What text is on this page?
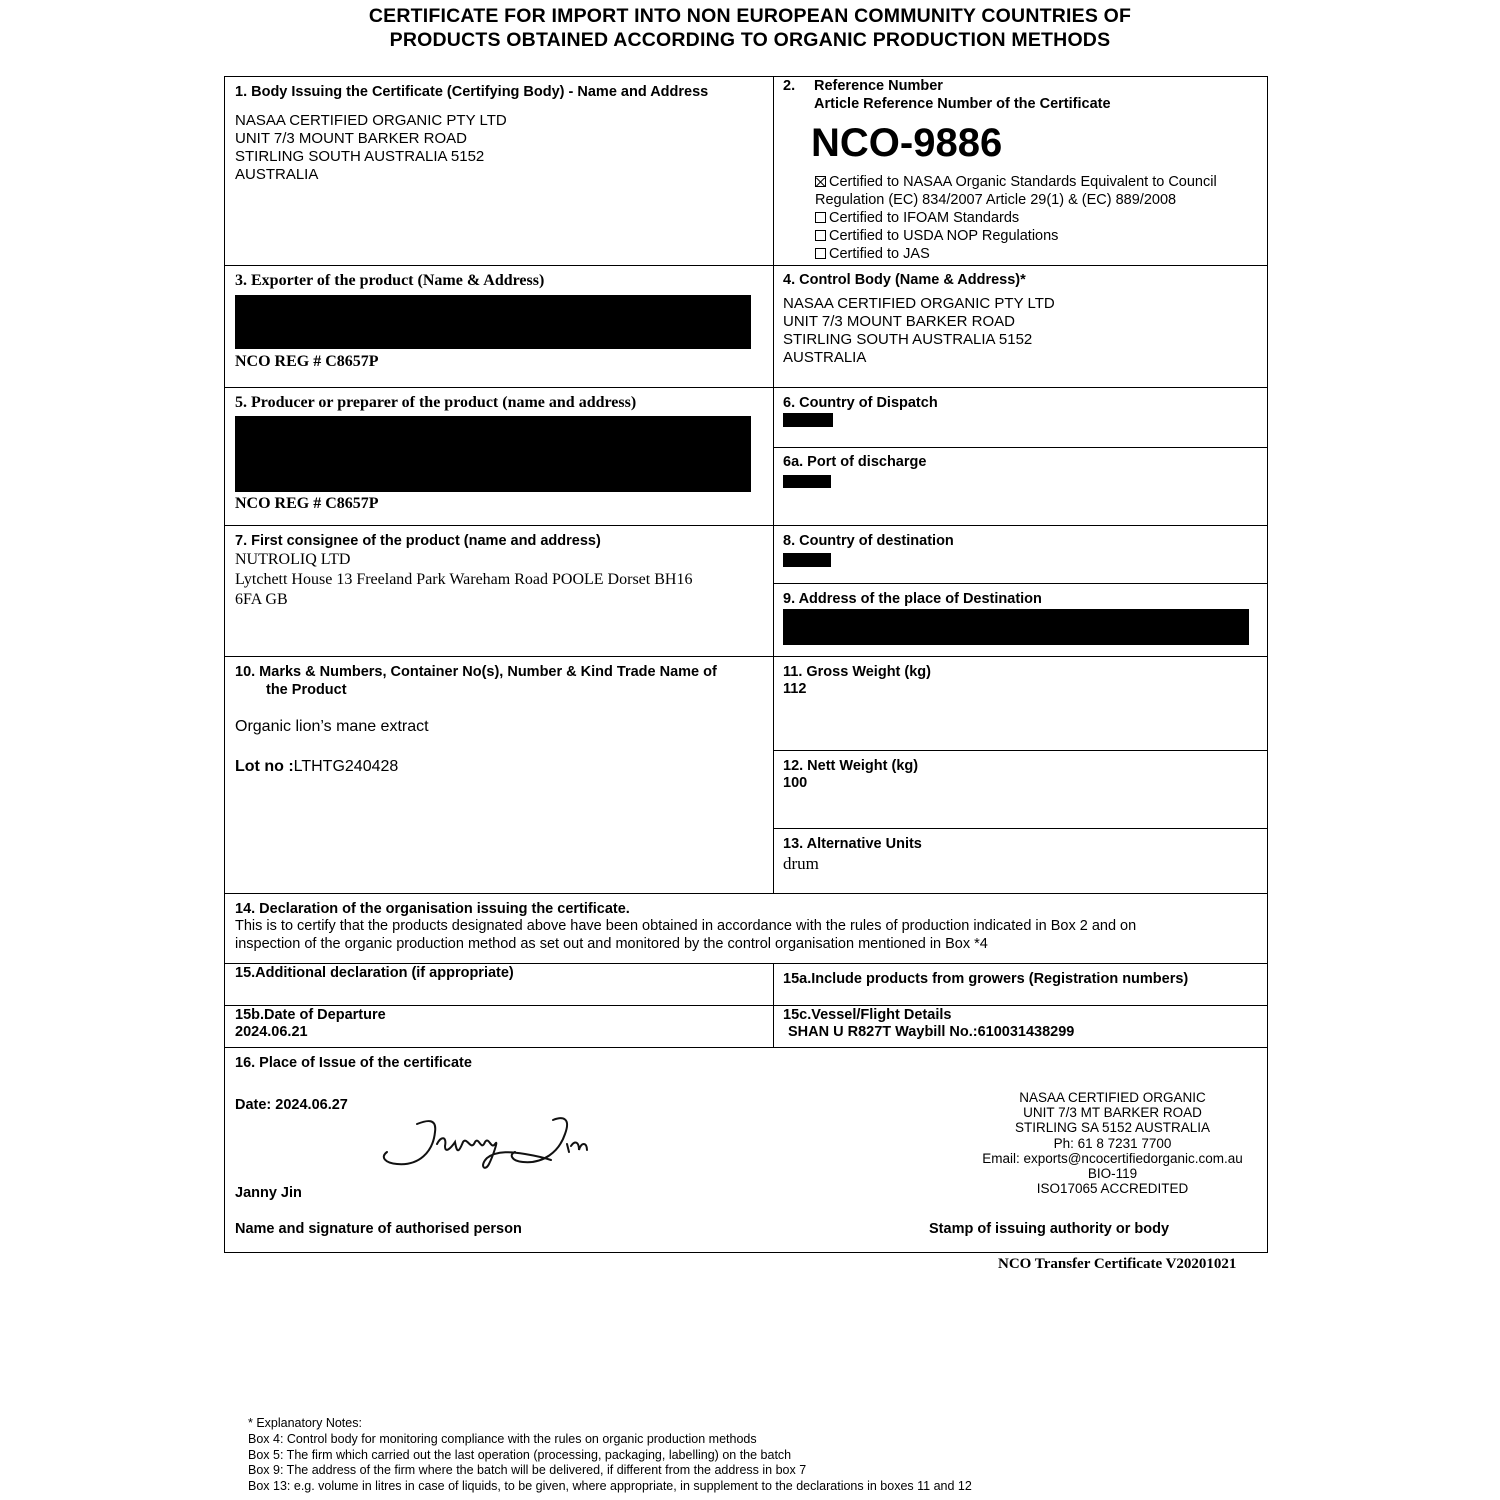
CERTIFICATE FOR IMPORT INTO NON EUROPEAN COMMUNITY COUNTRIES OF
PRODUCTS OBTAINED ACCORDING TO ORGANIC PRODUCTION METHODS
1. Body Issuing the Certificate (Certifying Body) - Name and Address
NASAA CERTIFIED ORGANIC PTY LTD
UNIT 7/3 MOUNT BARKER ROAD
STIRLING SOUTH AUSTRALIA 5152
AUSTRALIA
2. Reference Number
Article Reference Number of the Certificate
NCO-9886
Certified to NASAA Organic Standards Equivalent to Council
Regulation (EC) 834/2007 Article 29(1) & (EC) 889/2008
Certified to IFOAM Standards
Certified to USDA NOP Regulations
Certified to JAS
3. Exporter of the product (Name & Address)
NCO REG # C8657P
4. Control Body (Name & Address)*
NASAA CERTIFIED ORGANIC PTY LTD
UNIT 7/3 MOUNT BARKER ROAD
STIRLING SOUTH AUSTRALIA 5152
AUSTRALIA
5. Producer or preparer of the product (name and address)
NCO REG # C8657P
6. Country of Dispatch
6a. Port of discharge
7. First consignee of the product (name and address)
NUTROLIQ LTD
Lytchett House 13 Freeland Park Wareham Road POOLE Dorset BH16
6FA GB
8. Country of destination
9. Address of the place of Destination
10. Marks & Numbers, Container No(s), Number & Kind Trade Name of
the Product
Organic lion’s mane extract
Lot no :LTHTG240428
11. Gross Weight (kg)
112
12. Nett Weight (kg)
100
13. Alternative Units
drum
14. Declaration of the organisation issuing the certificate.
This is to certify that the products designated above have been obtained in accordance with the rules of production indicated in Box 2 and on
inspection of the organic production method as set out and monitored by the control organisation mentioned in Box *4
15.Additional declaration (if appropriate)	15a.Include products from growers (Registration numbers)
15b.Date of Departure
2024.06.21
15c.Vessel/Flight Details
SHAN U R827T Waybill No.:610031438299
16. Place of Issue of the certificate
Date: 2024.06.27
Janny Jin
Name and signature of authorised person	Stamp of issuing authority or body
NASAA CERTIFIED ORGANIC
UNIT 7/3 MT BARKER ROAD
STIRLING SA 5152 AUSTRALIA
Ph: 61 8 7231 7700
Email: exports@ncocertifiedorganic.com.au
BIO-119
ISO17065 ACCREDITED
NCO Transfer Certificate V20201021
* Explanatory Notes:
Box 4: Control body for monitoring compliance with the rules on organic production methods
Box 5: The firm which carried out the last operation (processing, packaging, labelling) on the batch
Box 9: The address of the firm where the batch will be delivered, if different from the address in box 7
Box 13: e.g. volume in litres in case of liquids, to be given, where appropriate, in supplement to the declarations in boxes 11 and 12
